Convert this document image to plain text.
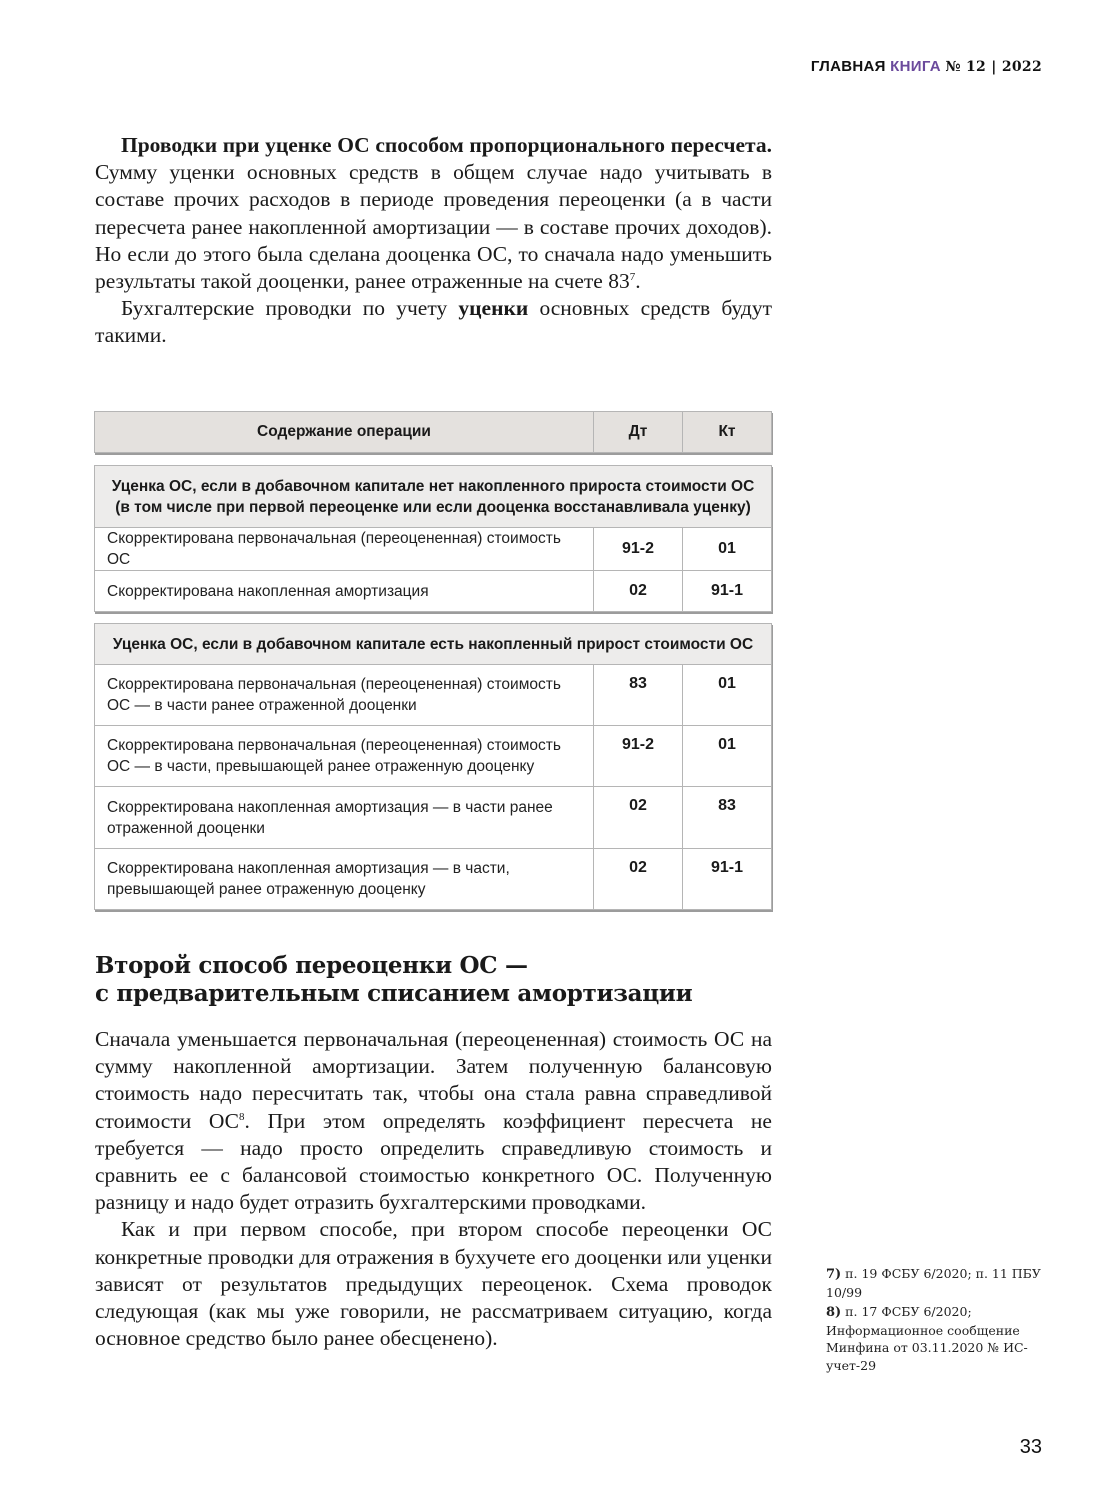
ГЛАВНАЯ КНИГА № 12 | 2022

Проводки при уценке ОС способом пропорционального пересчета. Сумму уценки основных средств в общем случае надо учитывать в составе прочих расходов в периоде проведения переоценки (а в части пересчета ранее накопленной амортизации — в составе прочих доходов). Но если до этого была сделана дооценка ОС, то сначала надо уменьшить результаты такой дооценки, ранее отраженные на счете $83^7$.

Бухгалтерские проводки по учету уценки основных средств будут такими.

Содержание операции	Дт	Кт
Уценка ОС, если в добавочном капитале нет накопленного прироста стоимости ОС (в том числе при первой переоценке или если дооценка восстанавливала уценку)		
Скорректирована первоначальная (переоцененная) стоимость ОС	91-2	01
Скорректирована накопленная амортизация	02	91-1
Уценка ОС, если в добавочном капитале есть накопленный прирост стоимости ОС		
Скорректирована первоначальная (переоцененная) стоимость ОС — в части ранее отраженной дооценки	83	01
Скорректирована первоначальная (переоцененная) стоимость ОС — в части, превышающей ранее отраженную дооценку	91-2	01
Скорректирована накопленная амортизация — в части ранее отраженной дооценки	02	83
Скорректирована накопленная амортизация — в части, превышающей ранее отраженную дооценку	02	91-1
Второй способ переоценки ОС —
с предварительным списанием амортизации

Сначала уменьшается первоначальная (переоцененная) стоимость ОС на сумму накопленной амортизации. Затем полученную балансовую стоимость надо пересчитать так, чтобы она стала равна справедливой стоимости $ОС^8$. При этом определять коэффициент пересчета не требуется — надо просто определить справедливую стоимость и сравнить ее с балансовой стоимостью конкретного ОС. Полученную разницу и надо будет отразить бухгалтерскими проводками.

Как и при первом способе, при втором способе переоценки ОС конкретные проводки для отражения в бухучете его дооценки или уценки зависят от результатов предыдущих переоценок. Схема проводок следующая (как мы уже говорили, не рассматриваем ситуацию, когда основное средство было ранее обесценено).

7) п. 19 ФСБУ 6/2020; п. 11 ПБУ 10/99
8) п. 17 ФСБУ 6/2020; Информационное сообщение Минфина от 03.11.2020 № ИС-учет-29
33
